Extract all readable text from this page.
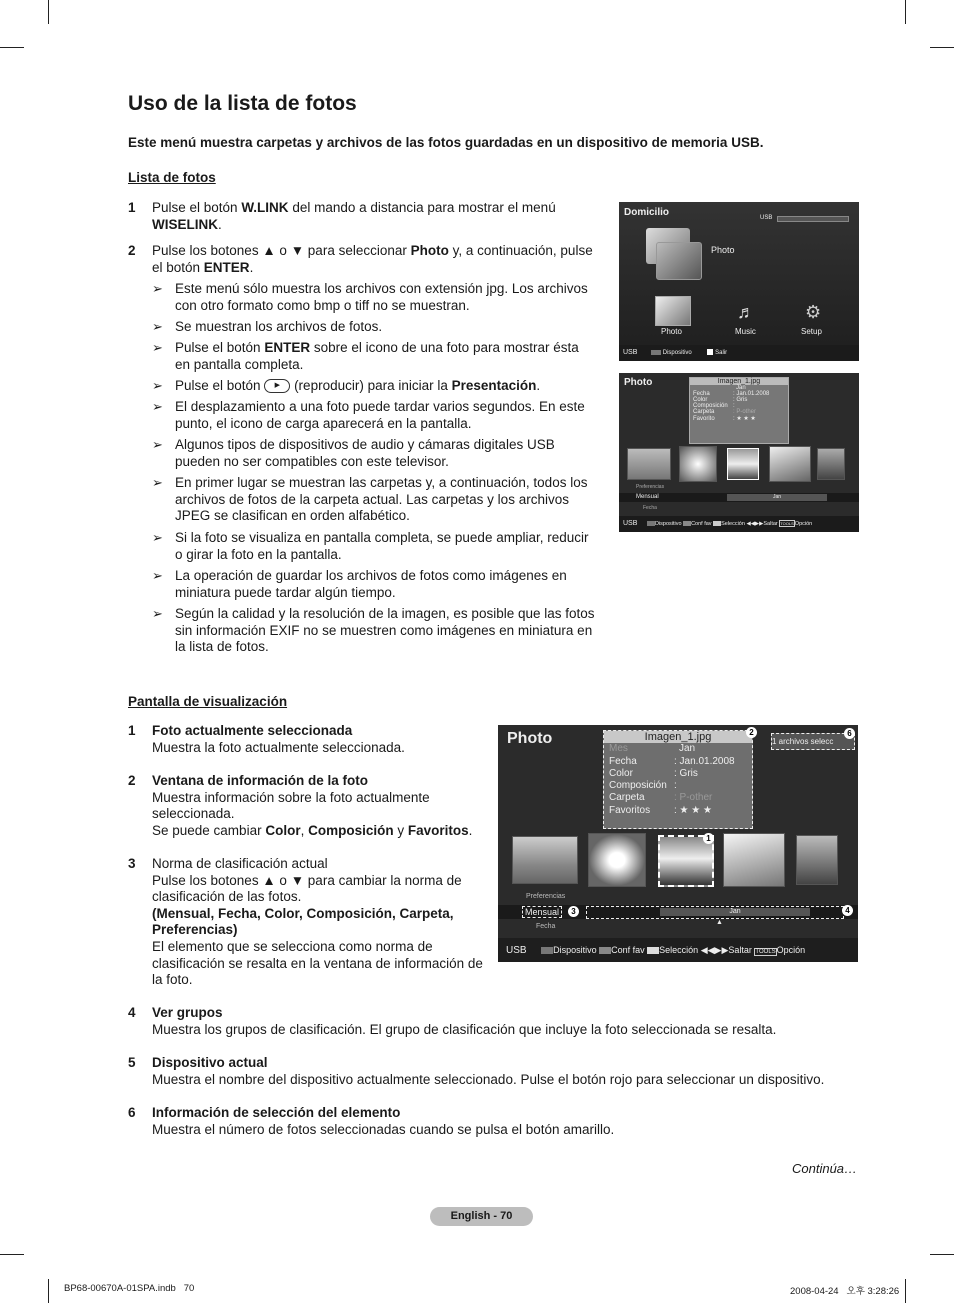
Uso de la lista de fotos
Este menú muestra carpetas y archivos de las fotos guardadas en un dispositivo de memoria USB.
Lista de fotos
1 Pulse el botón W.LINK del mando a distancia para mostrar el menú WISELINK.
2 Pulse los botones ▲ o ▼ para seleccionar Photo y, a continuación, pulse el botón ENTER.
➢ Este menú sólo muestra los archivos con extensión jpg. Los archivos con otro formato como bmp o tiff no se muestran.
➢ Se muestran los archivos de fotos.
➢ Pulse el botón ENTER sobre el icono de una foto para mostrar ésta en pantalla completa.
➢ Pulse el botón ▶ (reproducir) para iniciar la Presentación.
➢ El desplazamiento a una foto puede tardar varios segundos. En este punto, el icono de carga aparecerá en la pantalla.
➢ Algunos tipos de dispositivos de audio y cámaras digitales USB pueden no ser compatibles con este televisor.
➢ En primer lugar se muestran las carpetas y, a continuación, todos los archivos de fotos de la carpeta actual. Las carpetas y los archivos JPEG se clasifican en orden alfabético.
➢ Si la foto se visualiza en pantalla completa, se puede ampliar, reducir o girar la foto en la pantalla.
➢ La operación de guardar los archivos de fotos como imágenes en miniatura puede tardar algún tiempo.
➢ Según la calidad y la resolución de la imagen, es posible que las fotos sin información EXIF no se muestren como imágenes en miniatura en la lista de fotos.
Domicilio	USB
Photo
♬	⚙
Photo	Music	Setup
USB	Dispositivo	Salir
Photo	Imagen_1.jpg
Jan
Fecha	: Jan.01.2008
Color	: Gris
Composición :
Carpeta	: P-other
Favorito	: ★ ★ ★
Preferencias
Mensual	Jan
Fecha
USB	Dispositivo Conf fav Selección ◀◀▶▶Saltar TOOLSOpción
Pantalla de visualización
1 Foto actualmente seleccionada
Muestra la foto actualmente seleccionada.
2 Ventana de información de la foto
Muestra información sobre la foto actualmente seleccionada.
Se puede cambiar Color, Composición y Favoritos.
3 Norma de clasificación actual
Pulse los botones ▲ o ▼ para cambiar la norma de clasificación de las fotos.
(Mensual, Fecha, Color, Composición, Carpeta, Preferencias)
El elemento que se selecciona como norma de clasificación se resalta en la ventana de información de la foto.
4 Ver grupos
Muestra los grupos de clasificación. El grupo de clasificación que incluye la foto seleccionada se resalta.
5 Dispositivo actual
Muestra el nombre del dispositivo actualmente seleccionado. Pulse el botón rojo para seleccionar un dispositivo.
6 Información de selección del elemento
Muestra el número de fotos seleccionadas cuando se pulsa el botón amarillo.
Photo	Imagen_1.jpg
Mes	Jan
Fecha	: Jan.01.2008
Color	: Gris
Composición :
Carpeta	: P-other
Favoritos : ★ ★ ★
2
1 archivos selecc
6
1
Preferencias
Mensual	3	Jan	4
▲
Fecha
USB	Dispositivo Conf fav Selección ◀◀▶▶Saltar TOOLSOpción
Continúa…
English - 70
BP68-00670A-01SPA.indb   70	2008-04-24   오후 3:28:26
